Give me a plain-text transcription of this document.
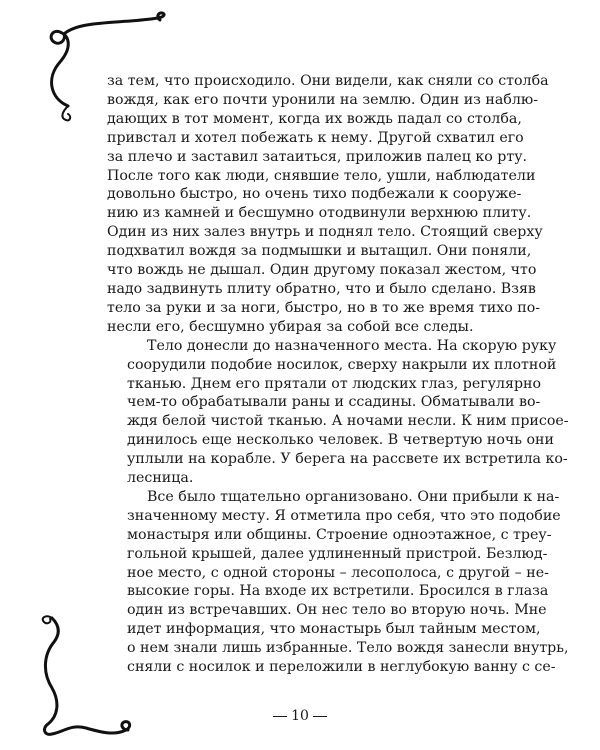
за тем, что происходило. Они видели, как сняли со столба
вождя, как его почти уронили на землю. Один из наблю-
дающих в тот момент, когда их вождь падал со столба,
привстал и хотел побежать к нему. Другой схватил его
за плечо и заставил затаиться, приложив палец ко рту.
После того как люди, снявшие тело, ушли, наблюдатели
довольно быстро, но очень тихо подбежали к сооруже-
нию из камней и бесшумно отодвинули верхнюю плиту.
Один из них залез внутрь и поднял тело. Стоящий сверху
подхватил вождя за подмышки и вытащил. Они поняли,
что вождь не дышал. Один другому показал жестом, что
надо задвинуть плиту обратно, что и было сделано. Взяв
тело за руки и за ноги, быстро, но в то же время тихо по-
несли его, бесшумно убирая за собой все следы.
Тело донесли до назначенного места. На скорую руку
соорудили подобие носилок, сверху накрыли их плотной
тканью. Днем его прятали от людских глаз, регулярно
чем-то обрабатывали раны и ссадины. Обматывали во-
ждя белой чистой тканью. А ночами несли. К ним присое-
динилось еще несколько человек. В четвертую ночь они
уплыли на корабле. У берега на рассвете их встретила ко-
лесница.
Все было тщательно организовано. Они прибыли к на-
значенному месту. Я отметила про себя, что это подобие
монастыря или общины. Строение одноэтажное, с треу-
гольной крышей, далее удлиненный пристрой. Безлюд-
ное место, с одной стороны – лесополоса, с другой – не-
высокие горы. На входе их встретили. Бросился в глаза
один из встречавших. Он нес тело во вторую ночь. Мне
идет информация, что монастырь был тайным местом,
о нем знали лишь избранные. Тело вождя занесли внутрь,
сняли с носилок и переложили в неглубокую ванну с се-
10
